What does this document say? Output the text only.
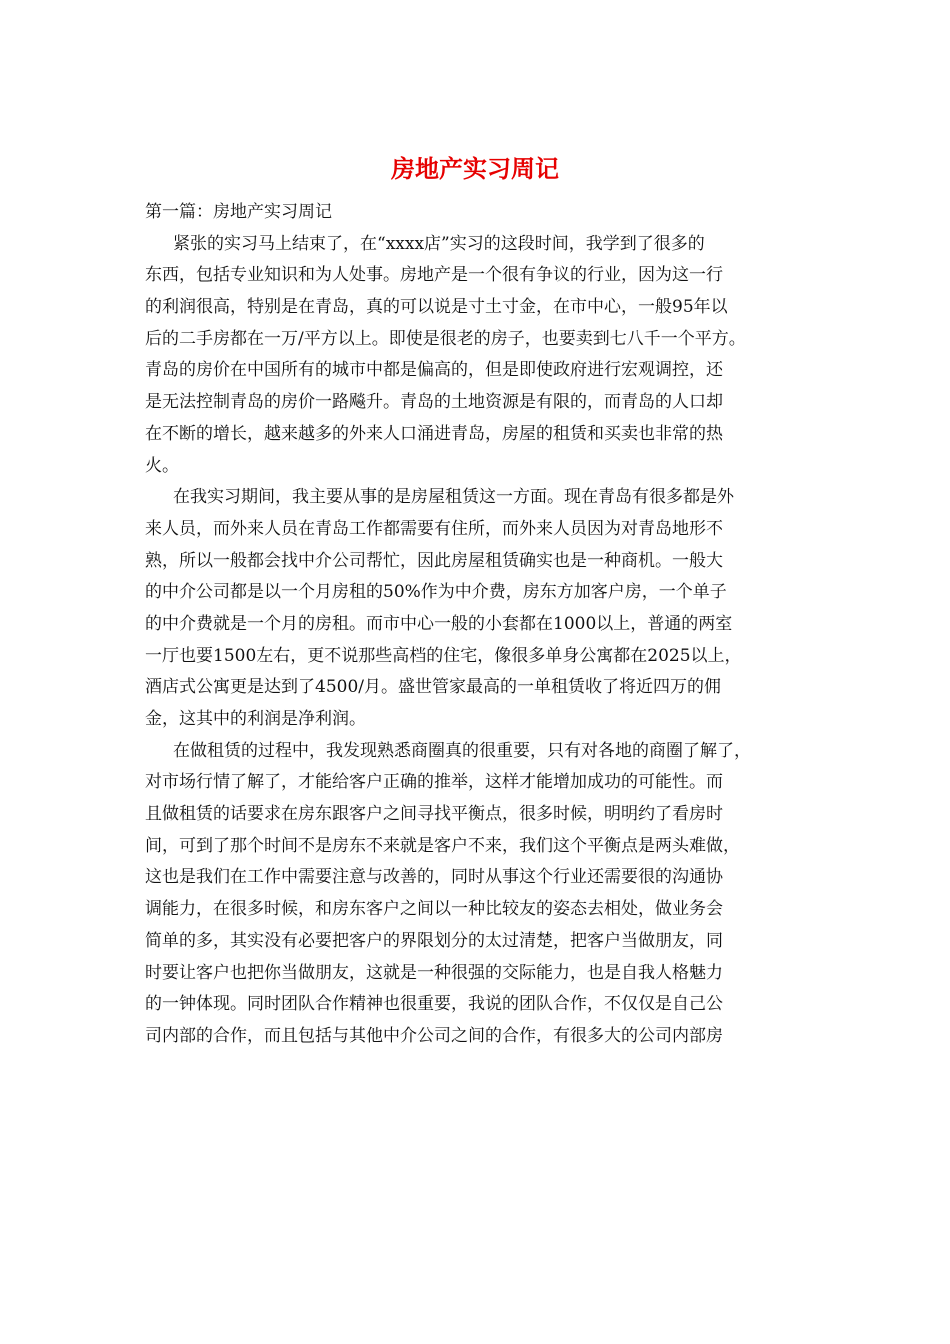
房地产实习周记

第一篇：房地产实习周记

紧张的实习马上结束了，在“xxxx店”实习的这段时间，我学到了很多的

东西，包括专业知识和为人处事。房地产是一个很有争议的行业，因为这一行

的利润很高，特别是在青岛，真的可以说是寸土寸金，在市中心，一般95年以

后的二手房都在一万/平方以上。即使是很老的房子，也要卖到七八千一个平方。

青岛的房价在中国所有的城市中都是偏高的，但是即使政府进行宏观调控，还

是无法控制青岛的房价一路飚升。青岛的土地资源是有限的，而青岛的人口却

在不断的增长，越来越多的外来人口涌进青岛，房屋的租赁和买卖也非常的热

火。

在我实习期间，我主要从事的是房屋租赁这一方面。现在青岛有很多都是外

来人员，而外来人员在青岛工作都需要有住所，而外来人员因为对青岛地形不

熟，所以一般都会找中介公司帮忙，因此房屋租赁确实也是一种商机。一般大

的中介公司都是以一个月房租的50%作为中介费，房东方加客户房，一个单子

的中介费就是一个月的房租。而市中心一般的小套都在1000以上，普通的两室

一厅也要1500左右，更不说那些高档的住宅，像很多单身公寓都在2025以上，

酒店式公寓更是达到了4500/月。盛世管家最高的一单租赁收了将近四万的佣

金，这其中的利润是净利润。

在做租赁的过程中，我发现熟悉商圈真的很重要，只有对各地的商圈了解了，

对市场行情了解了，才能给客户正确的推举，这样才能增加成功的可能性。而

且做租赁的话要求在房东跟客户之间寻找平衡点，很多时候，明明约了看房时

间，可到了那个时间不是房东不来就是客户不来，我们这个平衡点是两头难做，

这也是我们在工作中需要注意与改善的，同时从事这个行业还需要很的沟通协

调能力，在很多时候，和房东客户之间以一种比较友的姿态去相处，做业务会

简单的多，其实没有必要把客户的界限划分的太过清楚，把客户当做朋友，同

时要让客户也把你当做朋友，这就是一种很强的交际能力，也是自我人格魅力

的一钟体现。同时团队合作精神也很重要，我说的团队合作，不仅仅是自己公

司内部的合作，而且包括与其他中介公司之间的合作，有很多大的公司内部房
